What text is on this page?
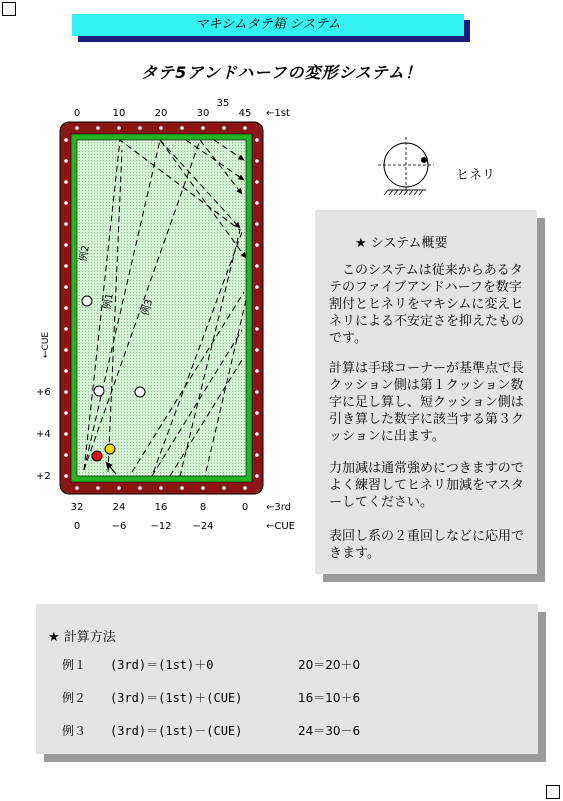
マキシムタテ箱 システム
タテ5アンドハーフの変形システム！
例2
例1 例3
0	10	20	30
35
45 ←1st
←CUE
+6
+4
+2
32	24	16	8	0 ←3rd
0	−6 −12 −24	←CUE
ヒネリ
★ システム概要

　このシステムは従来からあるタテのファイブアンドハーフを数字割付とヒネリをマキシムに変えヒネリによる不安定さを抑えたものです。

計算は手球コーナーが基準点で長クッション側は第１クッション数字に足し算し、短クッション側は引き算した数字に該当する第３クッションに出ます。

力加減は通常強めにつきますのでよく練習してヒネリ加減をマスターしてください。

表回し系の２重回しなどに応用できます。

★ 計算方法
例１ (3rd)＝(1st)＋0	20＝20＋0
例２ (3rd)＝(1st)＋(CUE)	16＝10＋6
例３ (3rd)＝(1st)－(CUE)	24＝30－6
